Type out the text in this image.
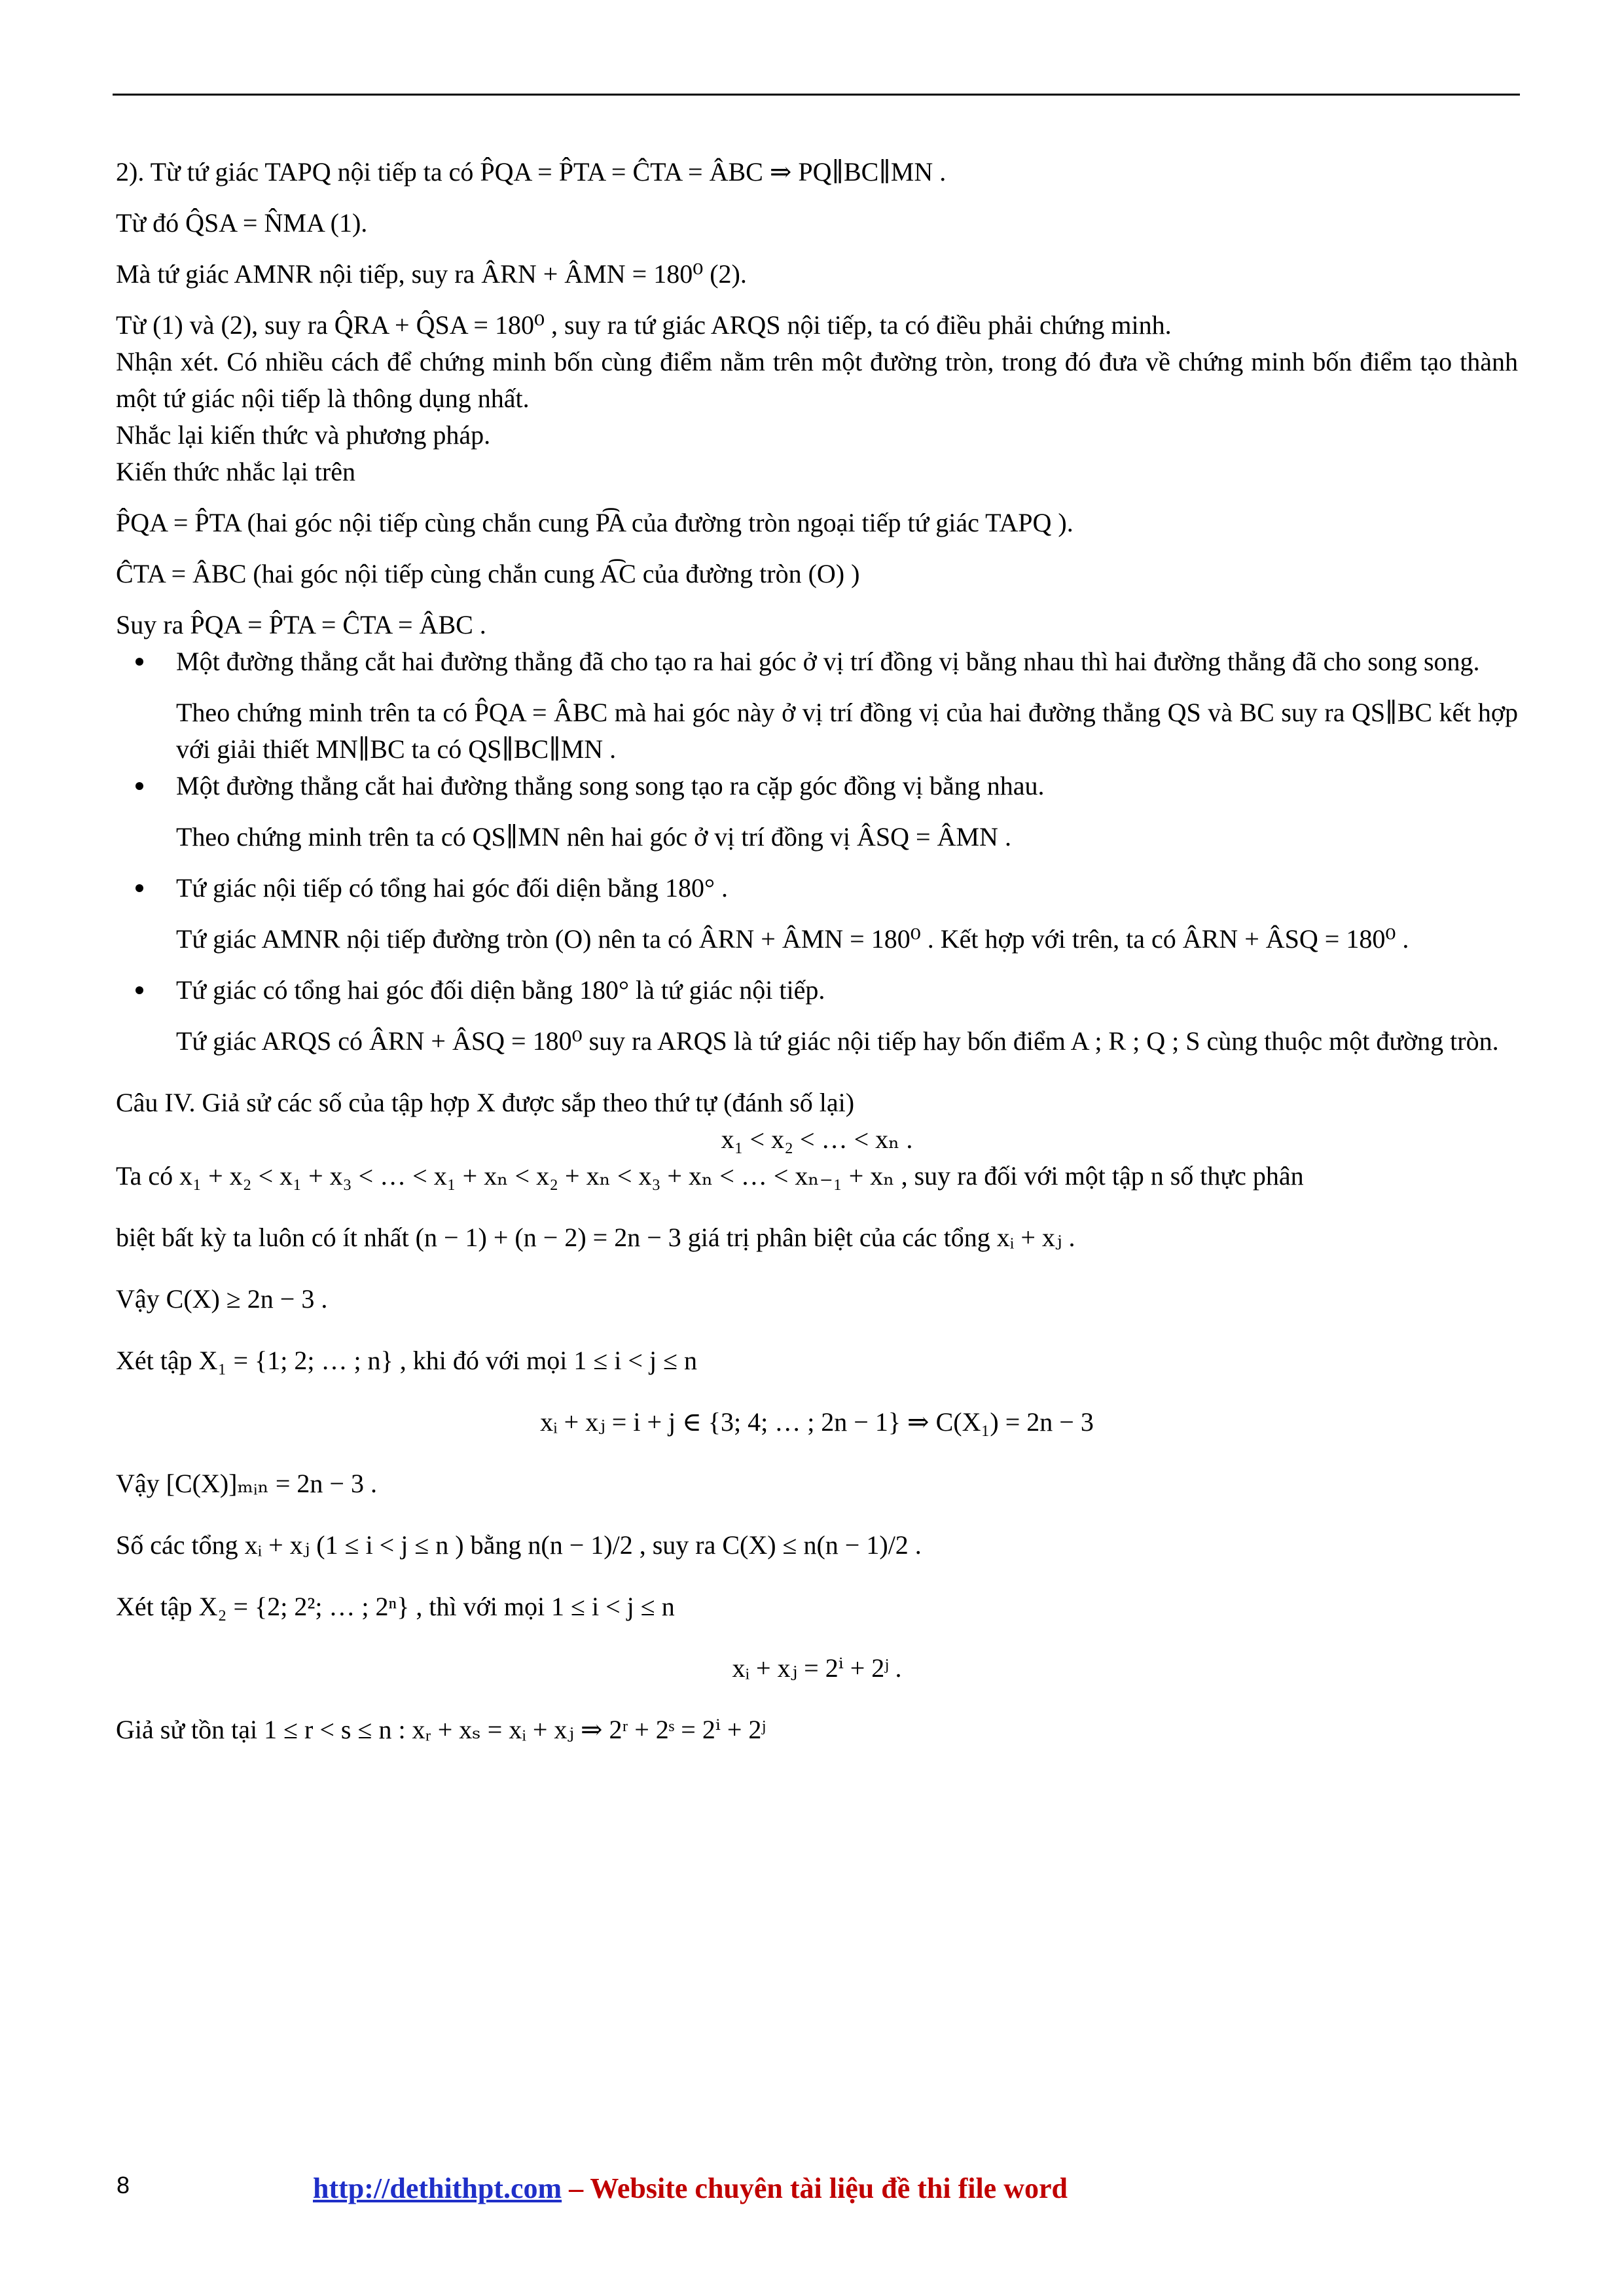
2). Từ tứ giác TAPQ nội tiếp ta có P̂QA = P̂TA = ĈTA = ÂBC ⇒ PQ∥BC∥MN .

Từ đó Q̂SA = N̂MA (1).

Mà tứ giác AMNR nội tiếp, suy ra ÂRN + ÂMN = 180⁰ (2).

Từ (1) và (2), suy ra Q̂RA + Q̂SA = 180⁰ , suy ra tứ giác ARQS nội tiếp, ta có điều phải chứng minh.

Nhận xét. Có nhiều cách để chứng minh bốn cùng điểm nằm trên một đường tròn, trong đó đưa về chứng minh bốn điểm tạo thành một tứ giác nội tiếp là thông dụng nhất.

Nhắc lại kiến thức và phương pháp.

Kiến thức nhắc lại trên

P̂QA = P̂TA (hai góc nội tiếp cùng chắn cung P͡A của đường tròn ngoại tiếp tứ giác TAPQ ).

ĈTA = ÂBC (hai góc nội tiếp cùng chắn cung A͡C của đường tròn (O) )

Suy ra P̂QA = P̂TA = ĈTA = ÂBC .

Một đường thẳng cắt hai đường thẳng đã cho tạo ra hai góc ở vị trí đồng vị bằng nhau thì hai đường thẳng đã cho song song.

Theo chứng minh trên ta có P̂QA = ÂBC mà hai góc này ở vị trí đồng vị của hai đường thẳng QS và BC suy ra QS∥BC kết hợp với giải thiết MN∥BC ta có QS∥BC∥MN .

Một đường thẳng cắt hai đường thẳng song song tạo ra cặp góc đồng vị bằng nhau.

Theo chứng minh trên ta có QS∥MN nên hai góc ở vị trí đồng vị ÂSQ = ÂMN .

Tứ giác nội tiếp có tổng hai góc đối diện bằng 180° .

Tứ giác AMNR nội tiếp đường tròn (O) nên ta có ÂRN + ÂMN = 180⁰ . Kết hợp với trên, ta có ÂRN + ÂSQ = 180⁰ .

Tứ giác có tổng hai góc đối diện bằng 180° là tứ giác nội tiếp.

Tứ giác ARQS có ÂRN + ÂSQ = 180⁰ suy ra ARQS là tứ giác nội tiếp hay bốn điểm A ; R ; Q ; S cùng thuộc một đường tròn.

Câu IV. Giả sử các số của tập hợp X được sắp theo thứ tự (đánh số lại)

x₁ < x₂ < … < xₙ .

Ta có x₁ + x₂ < x₁ + x₃ < … < x₁ + xₙ < x₂ + xₙ < x₃ + xₙ < … < xₙ₋₁ + xₙ , suy ra đối với một tập n số thực phân

biệt bất kỳ ta luôn có ít nhất (n − 1) + (n − 2) = 2n − 3 giá trị phân biệt của các tổng xᵢ + xⱼ .

Vậy C(X) ≥ 2n − 3 .

Xét tập X₁ = {1; 2; … ; n} , khi đó với mọi 1 ≤ i < j ≤ n

xᵢ + xⱼ = i + j ∈ {3; 4; … ; 2n − 1} ⇒ C(X₁) = 2n − 3

Vậy [C(X)]ₘᵢₙ = 2n − 3 .

Số các tổng xᵢ + xⱼ (1 ≤ i < j ≤ n ) bằng n(n − 1)/2 , suy ra C(X) ≤ n(n − 1)/2 .

Xét tập X₂ = {2; 2²; … ; 2ⁿ} , thì với mọi 1 ≤ i < j ≤ n

xᵢ + xⱼ = 2ⁱ + 2ʲ .

Giả sử tồn tại 1 ≤ r < s ≤ n : xᵣ + xₛ = xᵢ + xⱼ ⇒ 2ʳ + 2ˢ = 2ⁱ + 2ʲ

8	http://dethithpt.com – Website chuyên tài liệu đề thi file word
